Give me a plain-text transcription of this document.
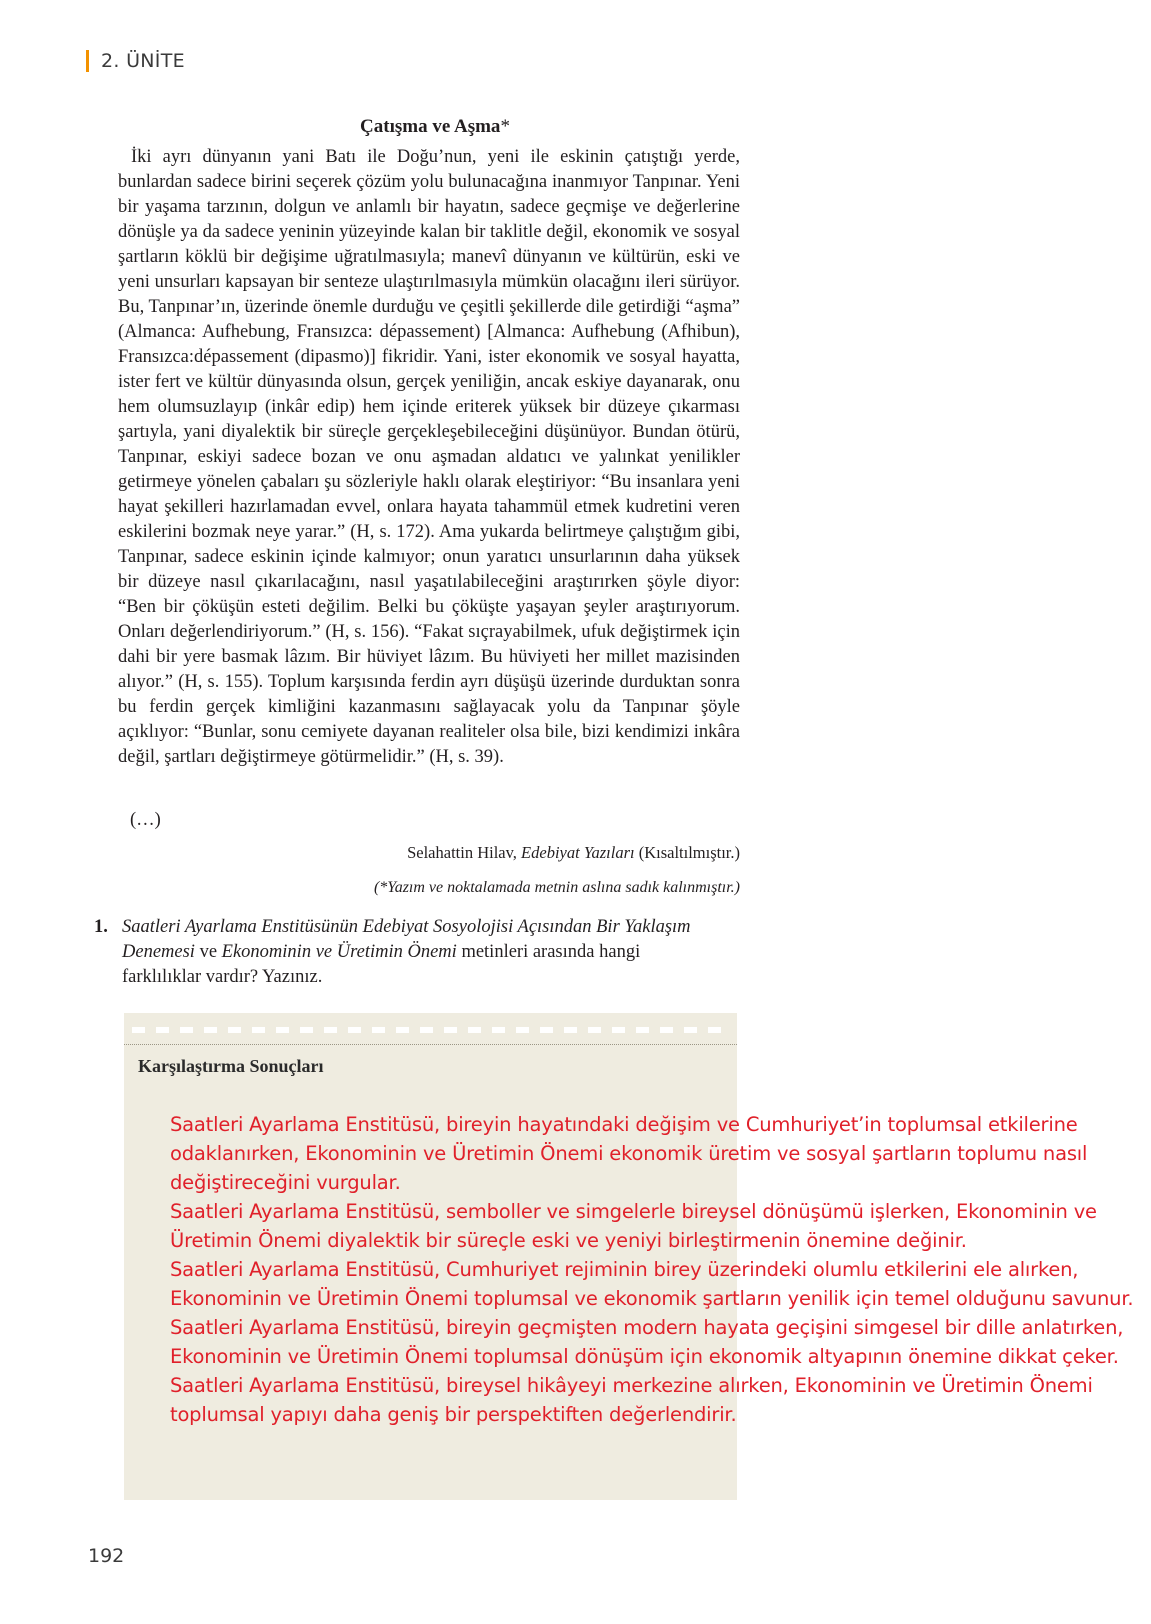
2. ÜNİTE
Çatışma ve Aşma*

İki ayrı dünyanın yani Batı ile Doğu’nun, yeni ile eskinin çatıştığı yerde, bunlardan sadece birini seçerek çözüm yolu bulunacağına inanmıyor Tanpınar. Yeni bir yaşama tarzının, dolgun ve anlamlı bir hayatın, sadece geçmişe ve değerlerine dönüşle ya da sadece yeninin yüzeyinde kalan bir taklitle değil, ekonomik ve sosyal şartların köklü bir değişime uğratılmasıyla; manevî dünyanın ve kültürün, eski ve yeni unsurları kapsayan bir senteze ulaştırılmasıyla mümkün olacağını ileri sürüyor. Bu, Tanpınar’ın, üzerinde önemle durduğu ve çeşitli şekillerde dile getirdiği “aşma” (Almanca: Aufhebung, Fransızca: dépassement) [Almanca: Aufhebung (Afhibun), Fransızca:dépassement (dipasmo)] fikridir. Yani, ister ekonomik ve sosyal hayatta, ister fert ve kültür dünyasında olsun, gerçek yeniliğin, ancak eskiye dayanarak, onu hem olumsuzlayıp (inkâr edip) hem içinde eriterek yüksek bir düzeye çıkarması şartıyla, yani diyalektik bir süreçle gerçekleşebileceğini düşünüyor. Bundan ötürü, Tanpınar, eskiyi sadece bozan ve onu aşmadan aldatıcı ve yalınkat yenilikler getirmeye yönelen çabaları şu sözleriyle haklı olarak eleştiriyor: “Bu insanlara yeni hayat şekilleri hazırlamadan evvel, onlara hayata tahammül etmek kudretini veren eskilerini bozmak neye yarar.” (H, s. 172). Ama yukarda belirtmeye çalıştığım gibi, Tanpınar, sadece eskinin içinde kalmıyor; onun yaratıcı unsurlarının daha yüksek bir düzeye nasıl çıkarılacağını, nasıl yaşatılabileceğini araştırırken şöyle diyor: “Ben bir çöküşün esteti değilim. Belki bu çöküşte yaşayan şeyler araştırıyorum. Onları değerlendiriyorum.” (H, s. 156). “Fakat sıçrayabilmek, ufuk değiştirmek için dahi bir yere basmak lâzım. Bir hüviyet lâzım. Bu hüviyeti her millet mazisinden alıyor.” (H, s. 155). Toplum karşısında ferdin ayrı düşüşü üzerinde durduktan sonra bu ferdin gerçek kimliğini kazanmasını sağlayacak yolu da Tanpınar şöyle açıklıyor: “Bunlar, sonu cemiyete dayanan realiteler olsa bile, bizi kendimizi inkâra değil, şartları değiştirmeye götürmelidir.” (H, s. 39).

(…)
Selahattin Hilav, Edebiyat Yazıları (Kısaltılmıştır.)
(*Yazım ve noktalamada metnin aslına sadık kalınmıştır.)
1. Saatleri Ayarlama Enstitüsünün Edebiyat Sosyolojisi Açısından Bir Yaklaşım Denemesi ve Ekonominin ve Üretimin Önemi metinleri arasında hangi farklılıklar vardır? Yazınız.
Karşılaştırma Sonuçları

Saatleri Ayarlama Enstitüsü, bireyin hayatındaki değişim ve Cumhuriyet’in toplumsal etkilerine odaklanırken, Ekonominin ve Üretimin Önemi ekonomik üretim ve sosyal şartların toplumu nasıl değiştireceğini vurgular.

Saatleri Ayarlama Enstitüsü, semboller ve simgelerle bireysel dönüşümü işlerken, Ekonominin ve Üretimin Önemi diyalektik bir süreçle eski ve yeniyi birleştirmenin önemine değinir.

Saatleri Ayarlama Enstitüsü, Cumhuriyet rejiminin birey üzerindeki olumlu etkilerini ele alırken, Ekonominin ve Üretimin Önemi toplumsal ve ekonomik şartların yenilik için temel olduğunu savunur.

Saatleri Ayarlama Enstitüsü, bireyin geçmişten modern hayata geçişini simgesel bir dille anlatırken, Ekonominin ve Üretimin Önemi toplumsal dönüşüm için ekonomik altyapının önemine dikkat çeker.

Saatleri Ayarlama Enstitüsü, bireysel hikâyeyi merkezine alırken, Ekonominin ve Üretimin Önemi toplumsal yapıyı daha geniş bir perspektiften değerlendirir.

192
